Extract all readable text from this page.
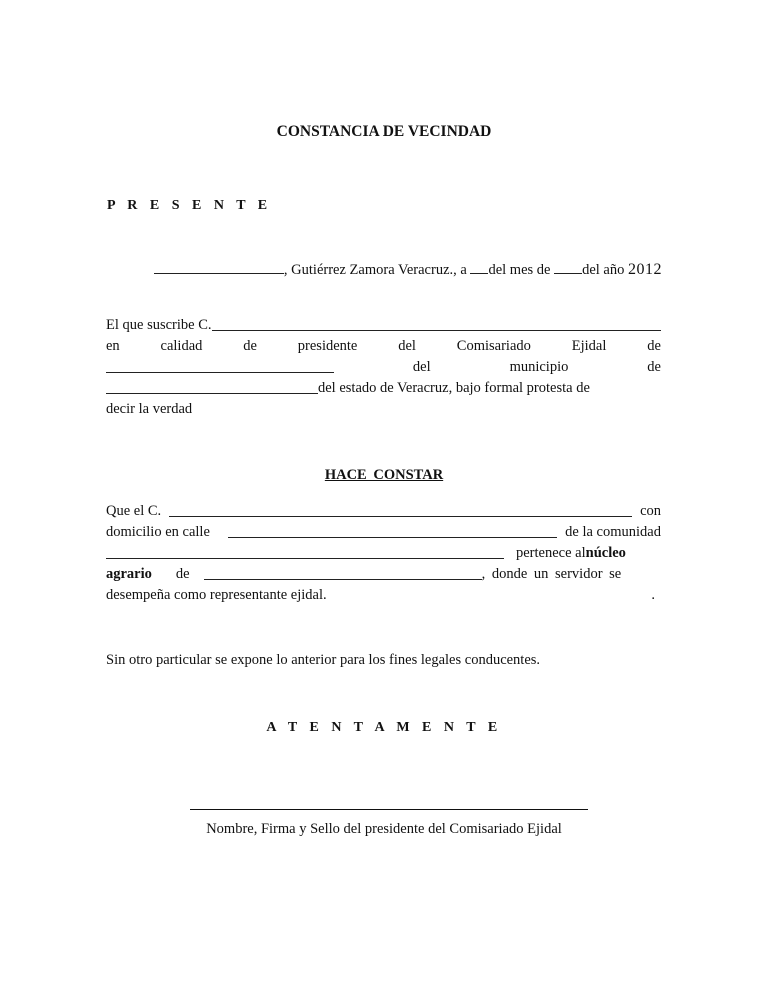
CONSTANCIA DE VECINDAD
P R E S E N T E
, Gutiérrez Zamora Veracruz., a del mes de del año 2012
El que suscribe C.
en	calidad	de	presidente	del	Comisariado	Ejidal	de
del	municipio	de
del estado de Veracruz, bajo formal protesta de
decir la verdad
HACE CONSTAR
Que el C.	con
domicilio en calle	de la comunidad
pertenece al núcleo
agrario de	, donde un servidor se
desempeña como representante ejidal.	.
Sin otro particular se expone lo anterior para los fines legales conducentes.
A T E N T A M E N T E
Nombre, Firma y Sello del presidente del Comisariado Ejidal
